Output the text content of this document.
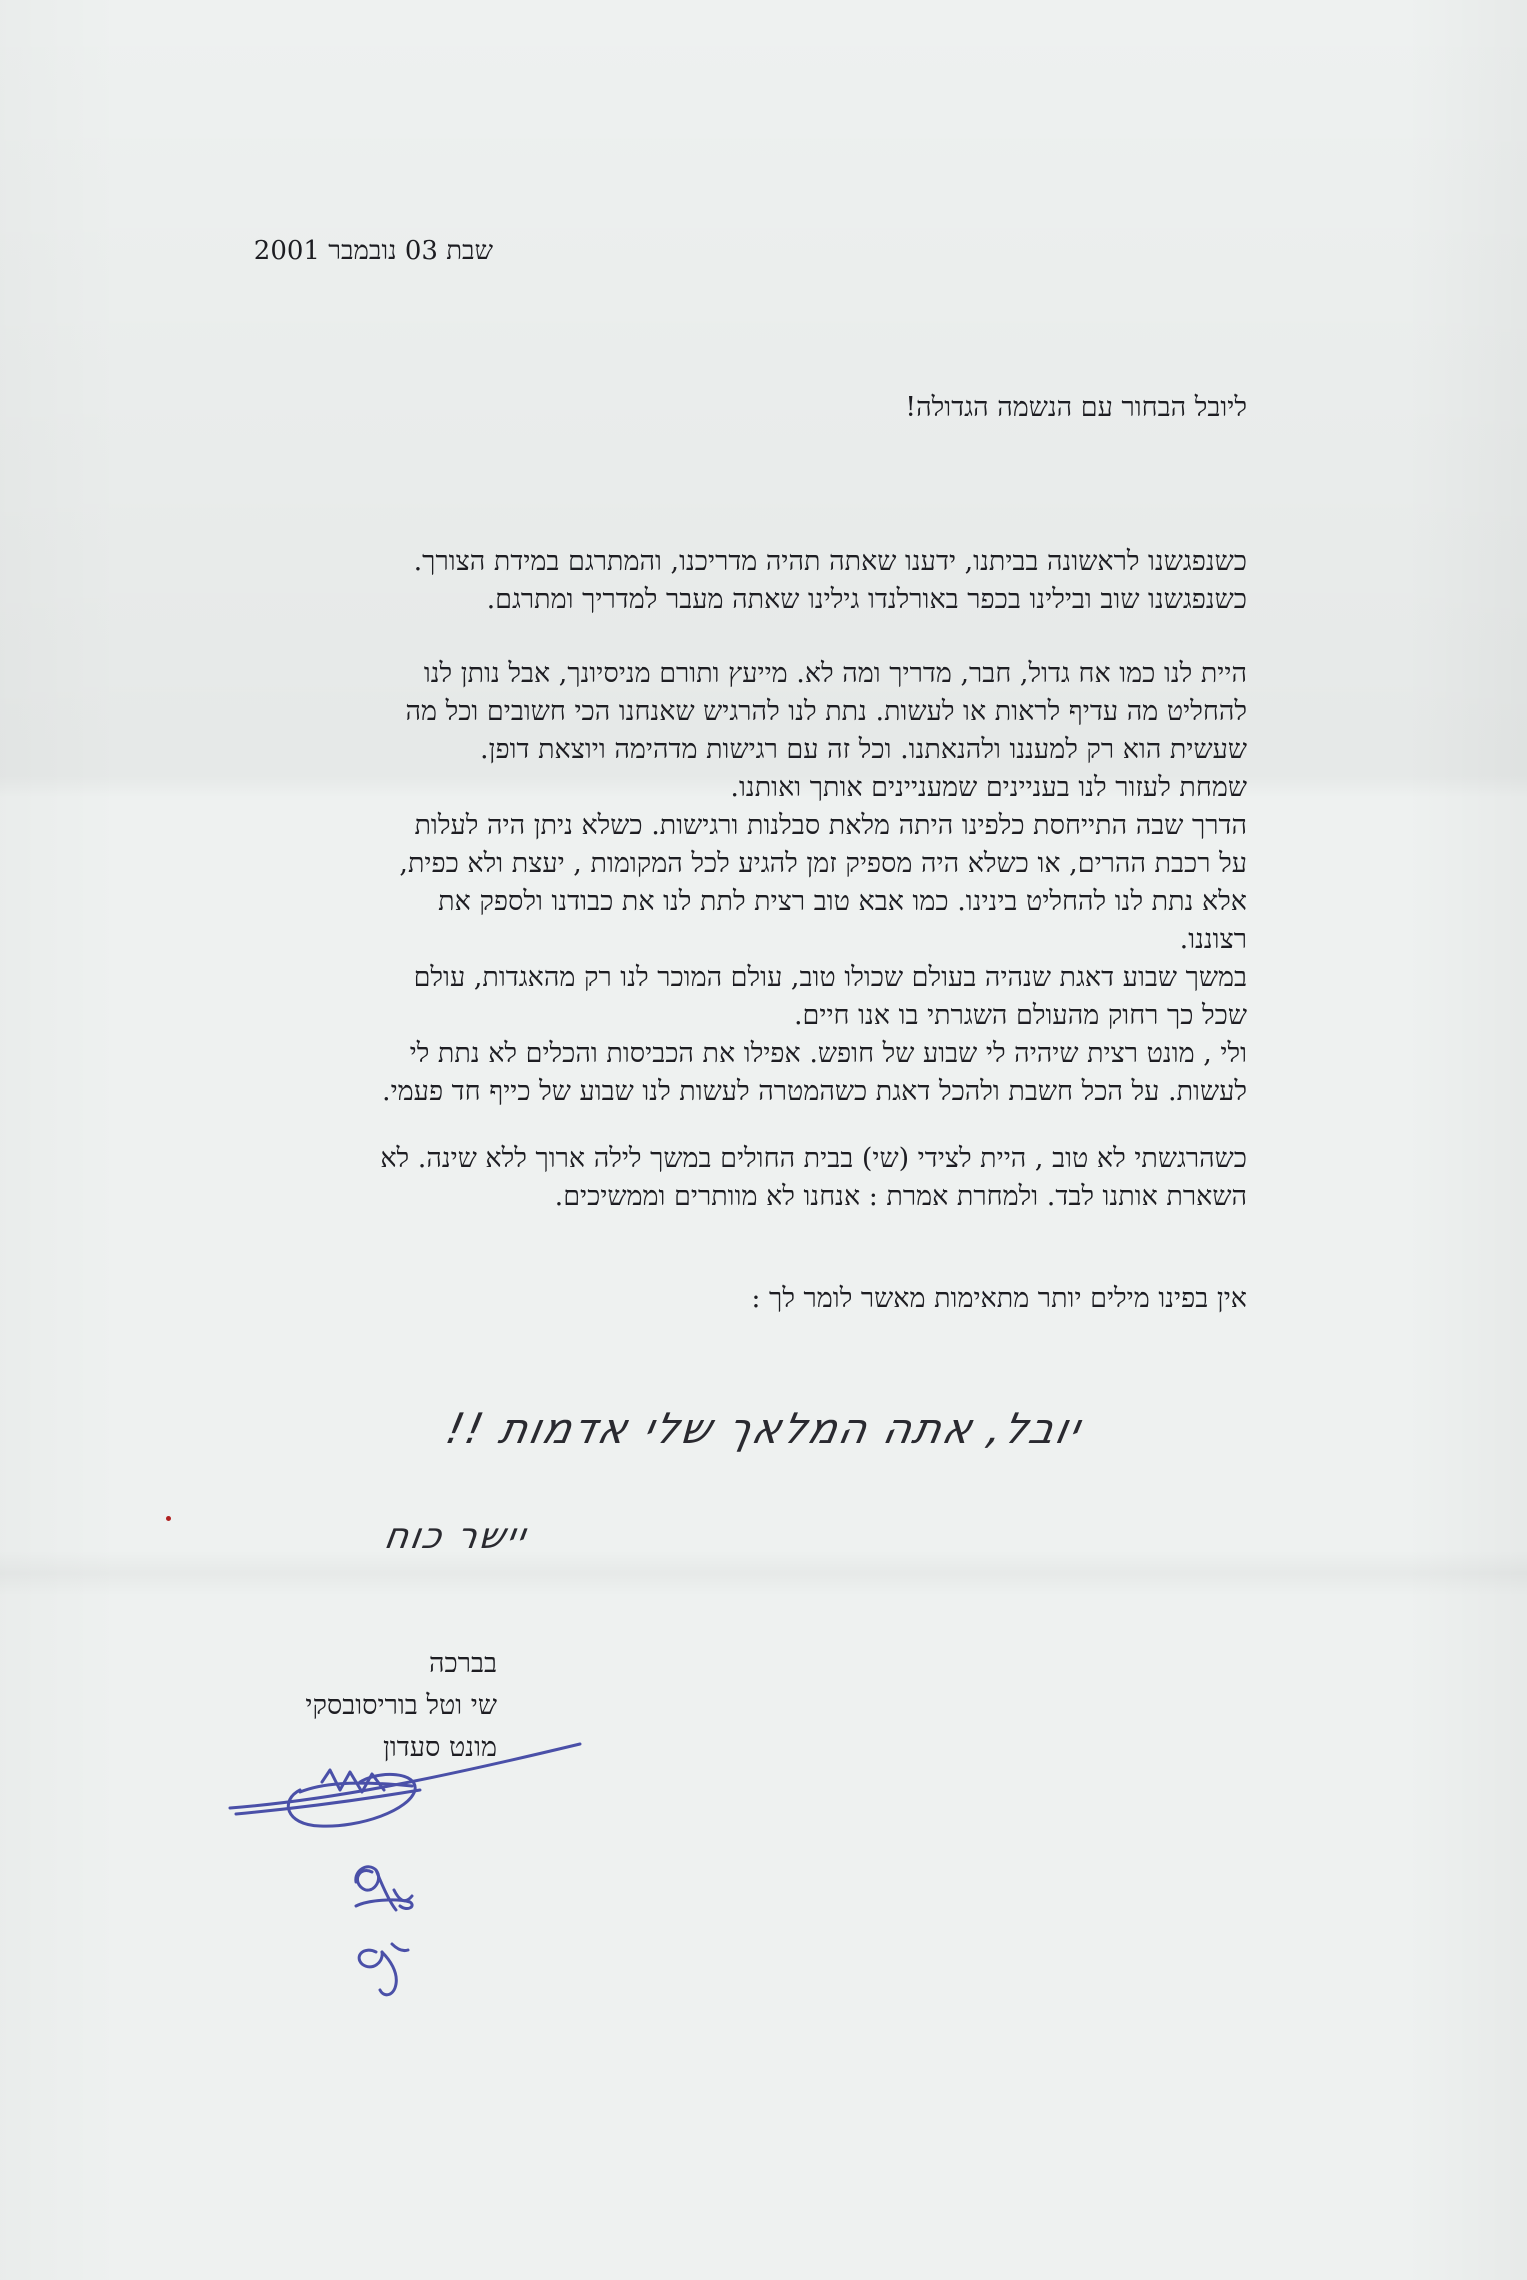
שבת 03 נובמבר 2001
ליובל הבחור עם הנשמה הגדולה!
כשנפגשנו לראשונה בביתנו, ידענו שאתה תהיה מדריכנו, והמתרגם במידת הצורך.
כשנפגשנו שוב ובילינו בכפר באורלנדו גילינו שאתה מעבר למדריך ומתרגם.
היית לנו כמו אח גדול, חבר, מדריך ומה לא. מייעץ ותורם מניסיונך, אבל נותן לנו
להחליט מה עדיף לראות או לעשות. נתת לנו להרגיש שאנחנו הכי חשובים וכל מה
שעשית הוא רק למעננו ולהנאתנו. וכל זה עם רגישות מדהימה ויוצאת דופן.
שמחת לעזור לנו בעניינים שמעניינים אותך ואותנו.
הדרך שבה התייחסת כלפינו היתה מלאת סבלנות ורגישות. כשלא ניתן היה לעלות
על רכבת ההרים, או כשלא היה מספיק זמן להגיע לכל המקומות , יעצת ולא כפית,
אלא נתת לנו להחליט בינינו. כמו אבא טוב רצית לתת לנו את כבודנו ולספק את
רצוננו.
במשך שבוע דאגת שנהיה בעולם שכולו טוב, עולם המוכר לנו רק מהאגדות, עולם
שכל כך רחוק מהעולם השגרתי בו אנו חיים.
ולי , מונט רצית שיהיה לי שבוע של חופש. אפילו את הכביסות והכלים לא נתת לי
לעשות. על הכל חשבת ולהכל דאגת כשהמטרה לעשות לנו שבוע של כייף חד פעמי.
כשהרגשתי לא טוב , היית לצידי (שי) בבית החולים במשך לילה ארוך ללא שינה. לא
השארת אותנו לבד. ולמחרת אמרת : אנחנו לא מוותרים וממשיכים.
אין בפינו מילים יותר מתאימות מאשר לומר לך :
יובל, אתה המלאך שלי אדמות !!
יישר כוח
בברכה
שי וטל בוריסובסקי
מונט סעדון
